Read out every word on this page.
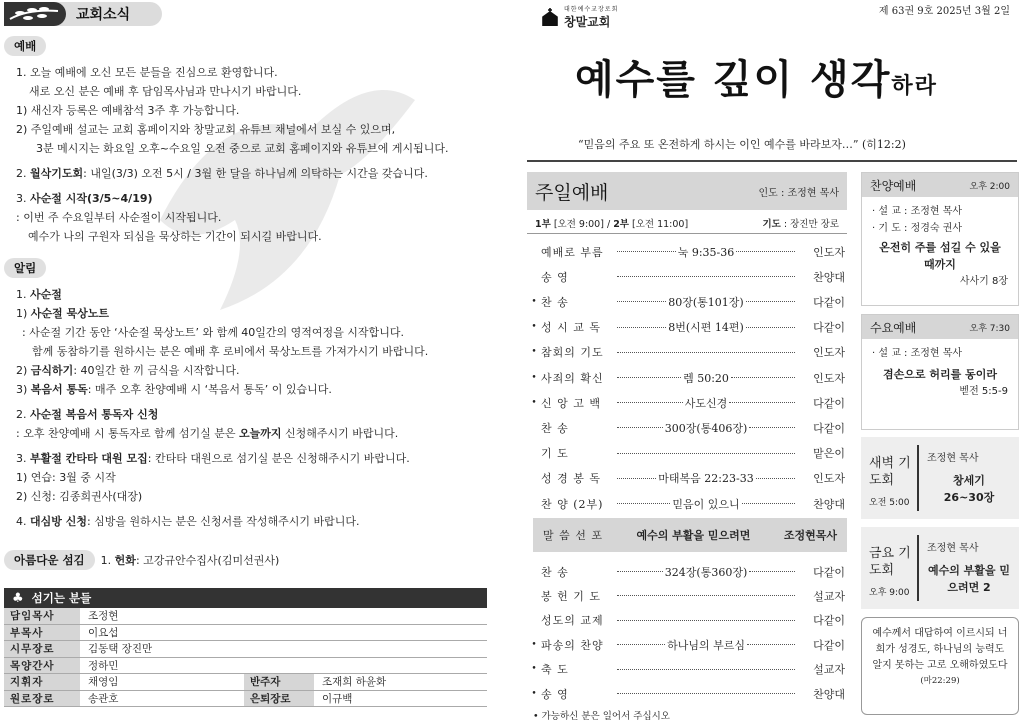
교회소식
예배
1. 오늘 예배에 오신 모든 분들을 진심으로 환영합니다.
새로 오신 분은 예배 후 담임목사님과 만나시기 바랍니다.
1) 새신자 등록은 예배참석 3주 후 가능합니다.
2) 주일예배 설교는 교회 홈페이지와 창말교회 유튜브 채널에서 보실 수 있으며,
3분 메시지는 화요일 오후~수요일 오전 중으로 교회 홈페이지와 유튜브에 게시됩니다.
2. 월삭기도회: 내일(3/3) 오전 5시 / 3월 한 달을 하나님께 의탁하는 시간을 갖습니다.
3. 사순절 시작(3/5~4/19)
: 이번 주 수요일부터 사순절이 시작됩니다.
예수가 나의 구원자 되심을 묵상하는 기간이 되시길 바랍니다.
알림
1. 사순절
1) 사순절 묵상노트
: 사순절 기간 동안 ‘사순절 묵상노트’ 와 함께 40일간의 영적여정을 시작합니다.
함께 동참하기를 원하시는 분은 예배 후 로비에서 묵상노트를 가져가시기 바랍니다.
2) 금식하기: 40일간 한 끼 금식을 시작합니다.
3) 복음서 통독: 매주 오후 찬양예배 시 ‘복음서 통독’ 이 있습니다.
2. 사순절 복음서 통독자 신청
: 오후 찬양예배 시 통독자로 함께 섬기실 분은 오늘까지 신청해주시기 바랍니다.
3. 부활절 칸타타 대원 모집: 칸타타 대원으로 섬기실 분은 신청해주시기 바랍니다.
1) 연습: 3월 중 시작
2) 신청: 김종희권사(대장)
4. 대심방 신청: 심방을 원하시는 분은 신청서를 작성해주시기 바랍니다.
아름다운 섬김	1. 헌화: 고강규안수집사(김미선권사)
♣ 섬기는 분들
담임목사	조정현
부목사	이요섭
시무장로	김동택 장진만
목양간사	정하민
지휘자	채영임	반주자	조재희 하윤화
원로장로	송관호	은퇴장로	이규백
제 63권 9호 2025년 3월 2일
대한예수교장로회
창말교회
예수를 깊이 생각하라
“믿음의 주요 또 온전하게 하시는 이인 예수를 바라보자…” (히12:2)
주일예배	인도 : 조정현 목사
1부 [오전 9:00] / 2부 [오전 11:00]	기도 : 장진만 장로
예배로 부름	눅 9:35-36	인도자
송 영	찬양대
• 찬 송	80장(통101장)	다같이
• 성 시 교 독	8번(시편 14편)	다같이
• 참회의 기도	인도자
• 사죄의 확신	렘 50:20	인도자
• 신 앙 고 백	사도신경	다같이
찬 송	300장(통406장)	다같이
기 도	맡은이
성 경 봉 독	마태복음 22:23-33	인도자
찬 양 (2부)	믿음이 있으니	찬양대
말 씀 선 포	예수의 부활을 믿으려면	조정현목사
찬 송	324장(통360장)	다같이
봉 헌 기 도	설교자
성도의 교제	다같이
• 파송의 찬양	하나님의 부르심	다같이
• 축 도	설교자
• 송 영	찬양대
• 가능하신 분은 일어서 주십시오
찬양예배	오후 2:00
· 설 교 : 조정현 목사
· 기 도 : 정경숙 권사
온전히 주를 섬길 수 있을 때까지
사사기 8장
수요예배	오후 7:30
· 설 교 : 조정현 목사
겸손으로 허리를 동이라
벧전 5:5-9
새벽 기도회
오전 5:00
조정현 목사
창세기 26~30장
금요 기도회
오후 9:00
조정현 목사
예수의 부활을 믿으려면 2
예수께서 대답하여 이르시되 너희가 성경도, 하나님의 능력도 알지 못하는 고로 오해하였도다
(마22:29)
